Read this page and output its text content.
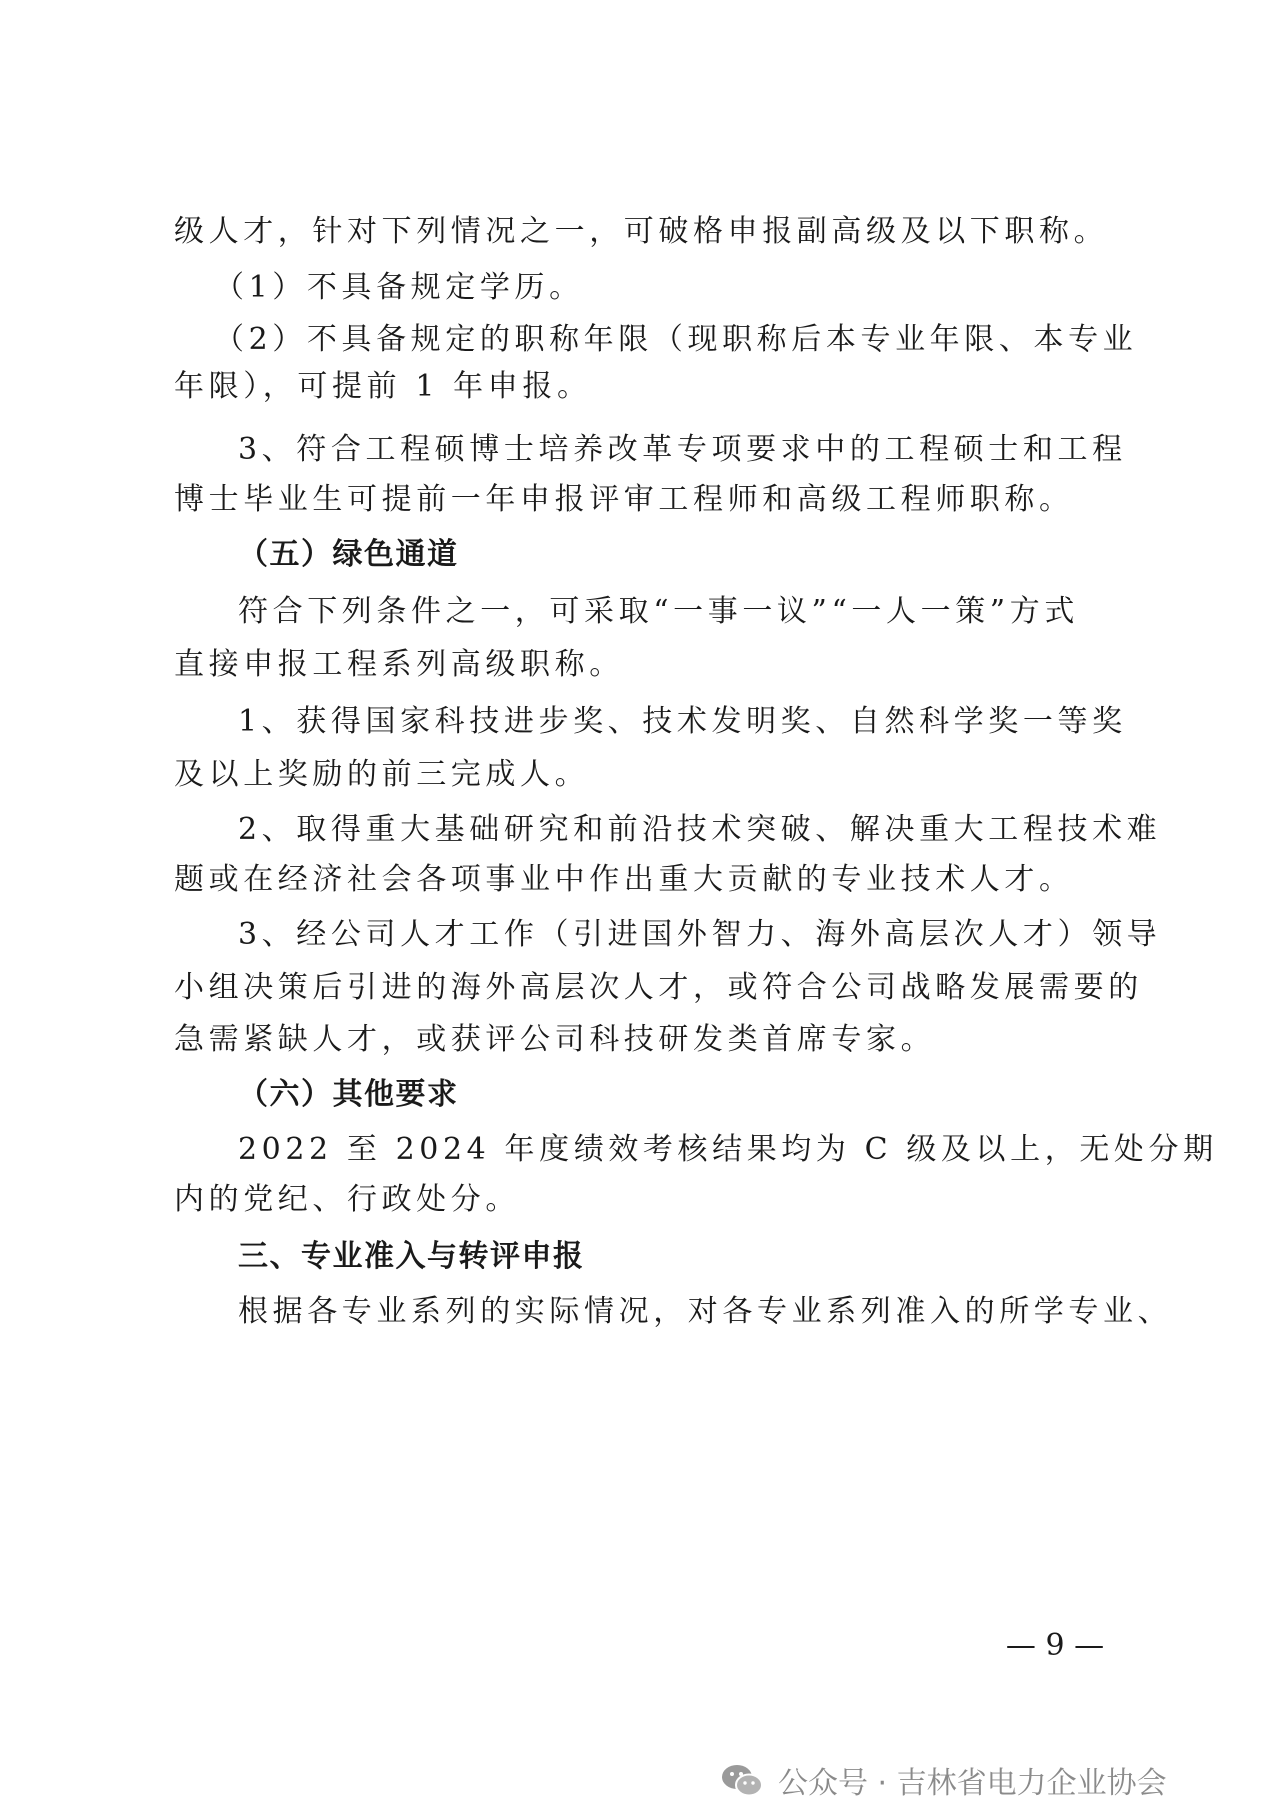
级人才，针对下列情况之一，可破格申报副高级及以下职称。
（1）不具备规定学历。
（2）不具备规定的职称年限（现职称后本专业年限、本专业
年限），可提前 1 年申报。
3、符合工程硕博士培养改革专项要求中的工程硕士和工程
博士毕业生可提前一年申报评审工程师和高级工程师职称。
（五）绿色通道
符合下列条件之一，可采取“一事一议”“一人一策”方式
直接申报工程系列高级职称。
1、获得国家科技进步奖、技术发明奖、自然科学奖一等奖
及以上奖励的前三完成人。
2、取得重大基础研究和前沿技术突破、解决重大工程技术难
题或在经济社会各项事业中作出重大贡献的专业技术人才。
3、经公司人才工作（引进国外智力、海外高层次人才）领导
小组决策后引进的海外高层次人才，或符合公司战略发展需要的
急需紧缺人才，或获评公司科技研发类首席专家。
（六）其他要求
2022 至 2024 年度绩效考核结果均为 C 级及以上，无处分期
内的党纪、行政处分。
三、专业准入与转评申报
根据各专业系列的实际情况，对各专业系列准入的所学专业、
— 9 —
公众号 · 吉林省电力企业协会
